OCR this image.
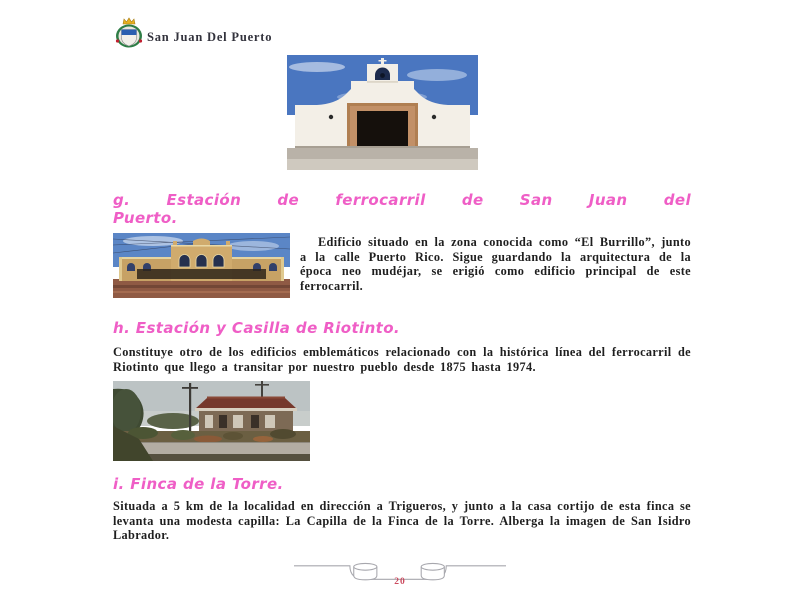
San Juan Del Puerto
g. Estación de ferrocarril de San Juan del
Puerto.

Edificio situado en la zona conocida como “El Burrillo”, junto a la calle Puerto Rico. Sigue guardando la arquitectura de la época neo mudéjar, se erigió como edificio principal de este ferrocarril.

h. Estación y Casilla de Riotinto.

Constituye otro de los edificios emblemáticos relacionado con la histórica línea del ferrocarril de Riotinto que llego a transitar por nuestro pueblo desde 1875 hasta 1974.

i. Finca de la Torre.

Situada a 5 km de la localidad en dirección a Trigueros, y junto a la casa cortijo de esta finca se levanta una modesta capilla: La Capilla de la Finca de la Torre. Alberga la imagen de San Isidro Labrador.

20
